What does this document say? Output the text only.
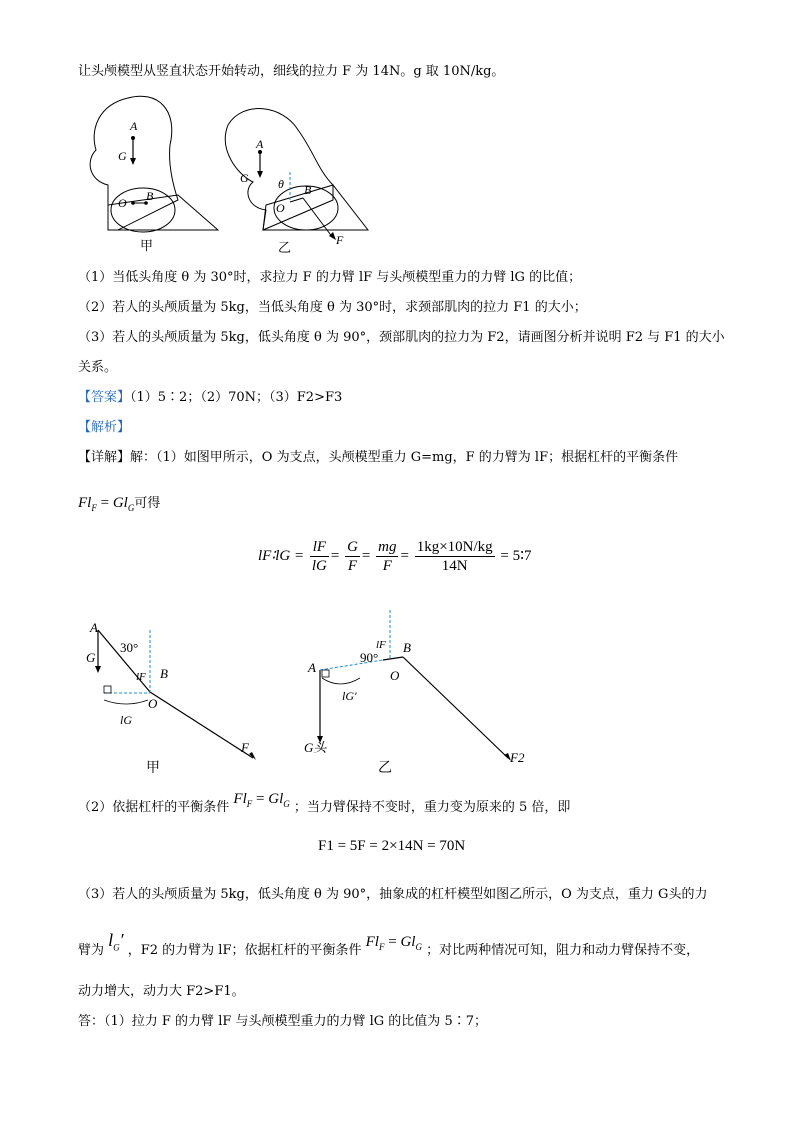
让头颅模型从竖直状态开始转动，细线的拉力 F 为 14N。g 取 10N/kg。
A
G
O B
甲
A
G θ
O
B
F
乙
（1）当低头角度 θ 为 30°时，求拉力 F 的力臂 lF 与头颅模型重力的力臂 lG 的比值；
（2）若人的头颅质量为 5kg，当低头角度 θ 为 30°时，求颈部肌肉的拉力 F1 的大小；
（3）若人的头颅质量为 5kg，低头角度 θ 为 90°，颈部肌肉的拉力为 F2，请画图分析并说明 F2 与 F1 的大小
关系。
【答案】（1）5∶2；（2）70N；（3）F2>F3
【解析】
【详解】解：（1）如图甲所示，O 为支点，头颅模型重力 G=mg，F 的力臂为 lF；根据杠杆的平衡条件
$Fl_F = Gl_G$可得
lF∶lG = $\frac{lF}{lG} = \frac{G}{F} = \frac{mg}{F} = \frac{1kg\times 10N/kg}{14N}$ = 5∶7
A
G
30°
lF B
O
lG
F
甲
lF
A
90°
B
O
lG′
G头
F2
乙
（2）依据杠杆的平衡条件 $Fl_F = Gl_G$ ；当力臂保持不变时，重力变为原来的 5 倍，即
F1 = 5F = 2×14N = 70N
（3）若人的头颅质量为 5kg，低头角度 θ 为 90°，抽象成的杠杆模型如图乙所示，O 为支点，重力 G头的力
臂为 $l_G'$ ，F2 的力臂为 lF；依据杠杆的平衡条件 $Fl_F = Gl_G$ ；对比两种情况可知，阻力和动力臂保持不变，
动力增大，动力大 F2>F1。
答：（1）拉力 F 的力臂 lF 与头颅模型重力的力臂 lG 的比值为 5∶7；
